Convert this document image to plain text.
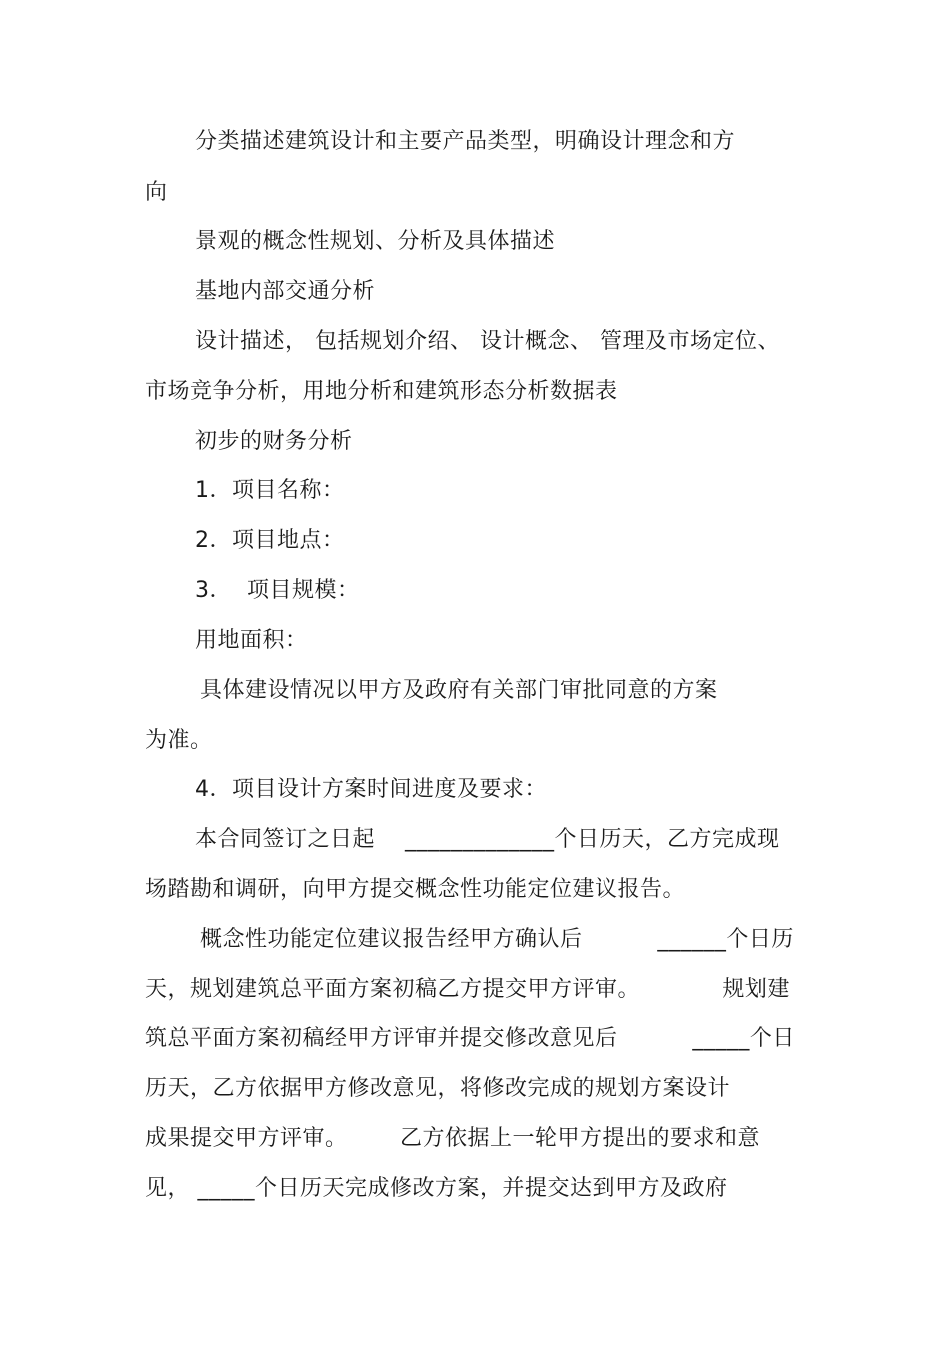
分类描述建筑设计和主要产品类型，明确设计理念和方
向
景观的概念性规划、分析及具体描述
基地内部交通分析
设计描述， 包括规划介绍、 设计概念、 管理及市场定位、
市场竞争分析，用地分析和建筑形态分析数据表
初步的财务分析
1．项目名称：
2．项目地点：
3．  项目规模：
用地面积：
具体建设情况以甲方及政府有关部门审批同意的方案
为准。
4．项目设计方案时间进度及要求：
本合同签订之日起    _____________个日历天，乙方完成现
场踏勘和调研，向甲方提交概念性功能定位建议报告。
概念性功能定位建议报告经甲方确认后          ______个日历
天，规划建筑总平面方案初稿乙方提交甲方评审。           规划建
筑总平面方案初稿经甲方评审并提交修改意见后          _____个日
历天，乙方依据甲方修改意见，将修改完成的规划方案设计
成果提交甲方评审。       乙方依据上一轮甲方提出的要求和意
见， _____个日历天完成修改方案，并提交达到甲方及政府
